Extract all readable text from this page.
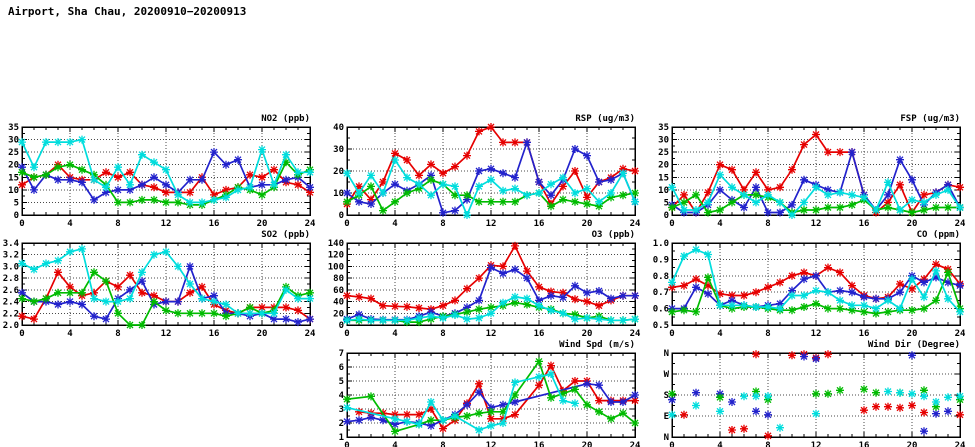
Airport, Sha Chau, 20200910−20200913
NO2 (ppb)
0	4	8	12	16	20	24
0
5
10
15
20
25
30
35
RSP (ug/m3)
0	4	8	12	16	20	24
0
10
20
30
40
FSP (ug/m3)
0	4	8	12	16	20	24
0
5
10
15
20
25
30
35
SO2 (ppb)
0	4	8	12	16	20	24
2.0
2.2
2.4
2.6
2.8
3.0
3.2
3.4
O3 (ppb)
0	4	8	12	16	20	24
0
20
40
60
80
100
120
140
CO (ppm)
0	4	8	12	16	20	24
0.5
0.6
0.7
0.8
0.9
1.0
Wind Spd (m/s)
0	4	8	12	16	20	24
1
2
3
4
5
6
7
Wind Dir (Degree)
0	4	8	12	16	20	24
N
E
S
W
N
